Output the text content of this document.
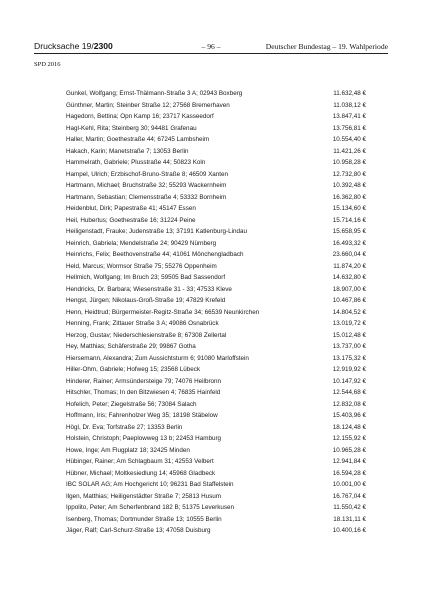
Drucksache 19/2300	– 96 –	Deutscher Bundestag – 19. Wahlperiode
SPD 2016
Gunkel, Wolfgang; Ernst-Thälmann-Straße 3 A; 02943 Boxberg	11.632,48 €
Günthner, Martin; Steinber Straße 12; 27568 Bremerhaven	11.038,12 €
Hagedorn, Bettina; Opn Kamp 16; 23717 Kasseedorf	13.847,41 €
Hagl-Kehl, Rita; Steinberg 30; 94481 Grafenau	13.756,81 €
Haller, Martin; Goethestraße 44; 67245 Lambsheim	10.554,40 €
Hakach, Karin; Manetstraße 7; 13053 Berlin	11.421,26 €
Hammelrath, Gabriele; Plusstraße 44; 50823 Koln	10.958,28 €
Hampel, Ulrich; Erzbischof-Bruno-Straße 8; 46509 Xanten	12.732,80 €
Hartmann, Michael; Bruchstraße 32; 55293 Wackernheim	10.392,48 €
Hartmann, Sebastian; Clemensstraße 4; 53332 Bornheim	16.362,80 €
Heidenblut, Dirk; Papestraße 41; 45147 Essen	15.134,60 €
Heil, Hubertus; Goethestraße 16; 31224 Peine	15.714,16 €
Heiligenstadt, Frauke; Judenstraße 13; 37191 Katlenburg-Lindau	15.658,95 €
Heinrich, Gabriela; Mendelstraße 24; 90429 Nürnberg	16.493,32 €
Heinrichs, Felix; Beethovenstraße 44; 41061 Mönchengladbach	23.660,04 €
Held, Marcus; Wormsor Straße 75; 55276 Oppenheim	11.874,20 €
Hellmich, Wolfgang; Im Bruch 23; 59505 Bad Sassendorf	14.632,80 €
Hendricks, Dr. Barbara; Wiesenstraße 31 - 33; 47533 Kleve	18.907,00 €
Hengst, Jürgen; Nikolaus-Groß-Straße 19; 47829 Krefeld	10.467,86 €
Henn, Heidtrud; Bürgermeister-Regitz-Straße 34; 66539 Neunkirchen	14.804,52 €
Henning, Frank; Zittauer Straße 3 A; 49086 Osnabrück	13.019,72 €
Herzog, Gustav; Niederschlesienstraße 8; 67308 Zellertal	15.012,48 €
Hey, Matthias; Schäferstraße 29; 99867 Gotha	13.737,00 €
Hiersemann, Alexandra; Zum Aussichtsturm 6; 91080 Marloffstein	13.175,32 €
Hiller-Ohm, Gabriele; Hofweg 15; 23568 Lübeck	12.919,92 €
Hinderer, Rainer; Armsündersteige 79; 74076 Heilbronn	10.147,92 €
Hitschler, Thomas; In den Bitzwiesen 4; 76835 Hainfeld	12.544,68 €
Hofelich, Peter; Ziegelstraße 56; 73084 Salach	12.832,08 €
Hoffmann, Iris; Fahrenholzer Weg 35; 18198 Stäbelow	15.403,96 €
Högl, Dr. Eva; Torfstraße 27; 13353 Berlin	18.124,48 €
Holstein, Christoph; Paeplowweg 13 b; 22453 Hamburg	12.155,92 €
Howe, Inge; Am Flugplatz 18; 32425 Minden	10.965,28 €
Hübinger, Rainer; Am Schlagbaum 31; 42553 Velbert	12.941,84 €
Hübner, Michael; Moltkesiedlung 14; 45968 Gladbeck	16.594,28 €
IBC SOLAR AG; Am Hochgericht 10; 96231 Bad Staffelstein	10.001,00 €
Ilgen, Matthias; Heiligenstädter Straße 7; 25813 Husum	16.767,04 €
Ippolito, Peter; Am Scherfenbrand 182 B; 51375 Leverkusen	11.550,42 €
Isenberg, Thomas; Dortmunder Straße 13; 10555 Berlin	18.131,11 €
Jäger, Ralf; Carl-Schurz-Straße 13; 47058 Duisburg	10.400,16 €
